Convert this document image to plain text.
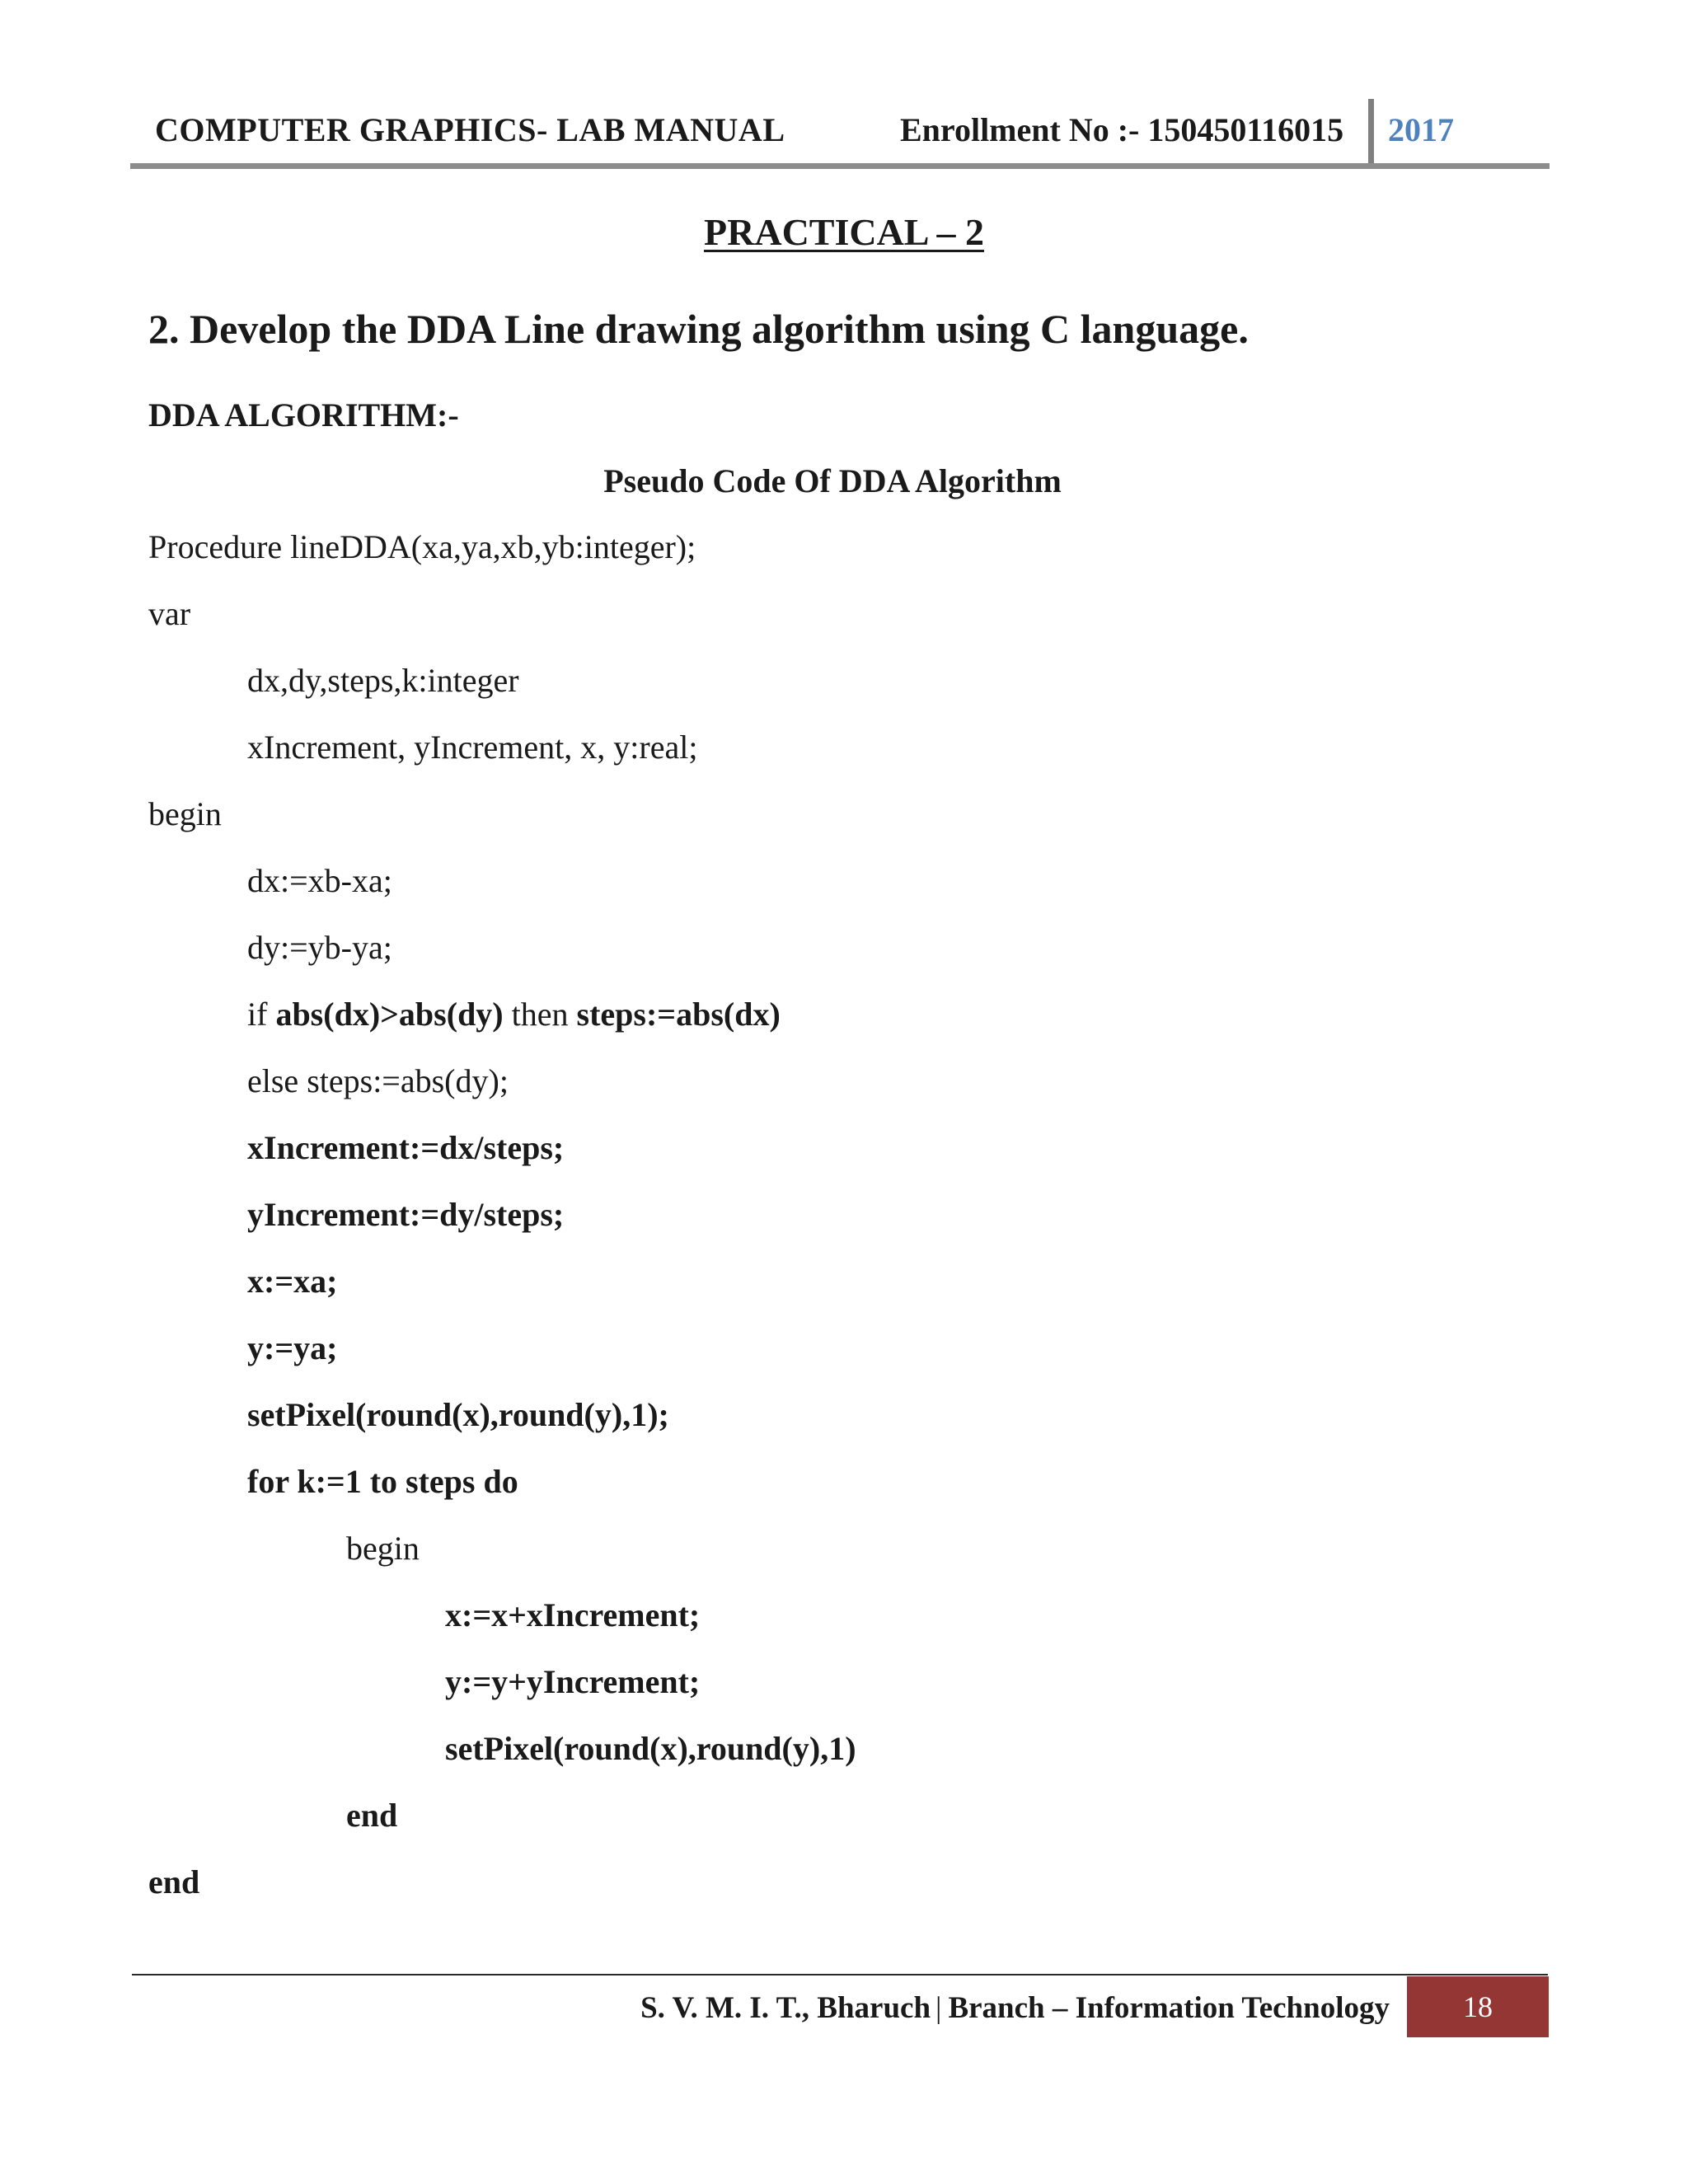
COMPUTER GRAPHICS- LAB MANUAL	Enrollment No :- 150450116015 2017
PRACTICAL – 2
2. Develop the DDA Line drawing algorithm using C language.
DDA ALGORITHM:-
Pseudo Code Of DDA Algorithm
Procedure lineDDA(xa,ya,xb,yb:integer);
var
dx,dy,steps,k:integer
xIncrement, yIncrement, x, y:real;
begin
dx:=xb-xa;
dy:=yb-ya;
if abs(dx)>abs(dy) then steps:=abs(dx)
else steps:=abs(dy);
xIncrement:=dx/steps;
yIncrement:=dy/steps;
x:=xa;
y:=ya;
setPixel(round(x),round(y),1);
for k:=1 to steps do
begin
x:=x+xIncrement;
y:=y+yIncrement;
setPixel(round(x),round(y),1)
end
end
S. V. M. I. T., Bharuch | Branch – Information Technology	18
